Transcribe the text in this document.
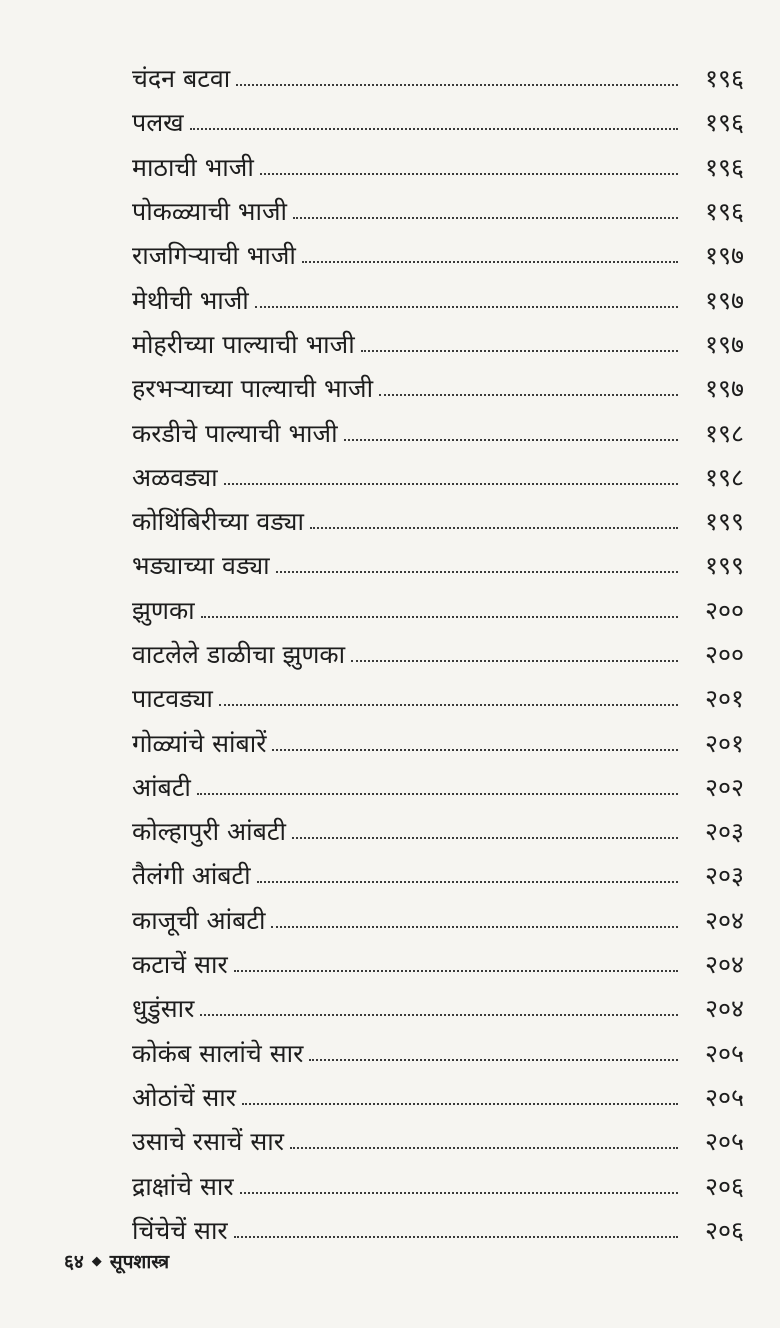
चंदन बटवा	१९६
पलख	१९६
माठाची भाजी	१९६
पोकळ्याची भाजी	१९६
राजगिऱ्याची भाजी	१९७
मेथीची भाजी	१९७
मोहरीच्या पाल्याची भाजी	१९७
हरभऱ्याच्या पाल्याची भाजी	१९७
करडीचे पाल्याची भाजी	१९८
अळवड्या	१९८
कोथिंबिरीच्या वड्या	१९९
भड्याच्या वड्या	१९९
झुणका	२००
वाटलेले डाळीचा झुणका	२००
पाटवड्या	२०१
गोळ्यांचे सांबारें	२०१
आंबटी	२०२
कोल्हापुरी आंबटी	२०३
तैलंगी आंबटी	२०३
काजूची आंबटी	२०४
कटाचें सार	२०४
धुडुंसार	२०४
कोकंब सालांचे सार	२०५
ओठांचें सार	२०५
उसाचे रसाचें सार	२०५
द्राक्षांचे सार	२०६
चिंचेचें सार	२०६
६४ ◆ सूपशास्त्र
